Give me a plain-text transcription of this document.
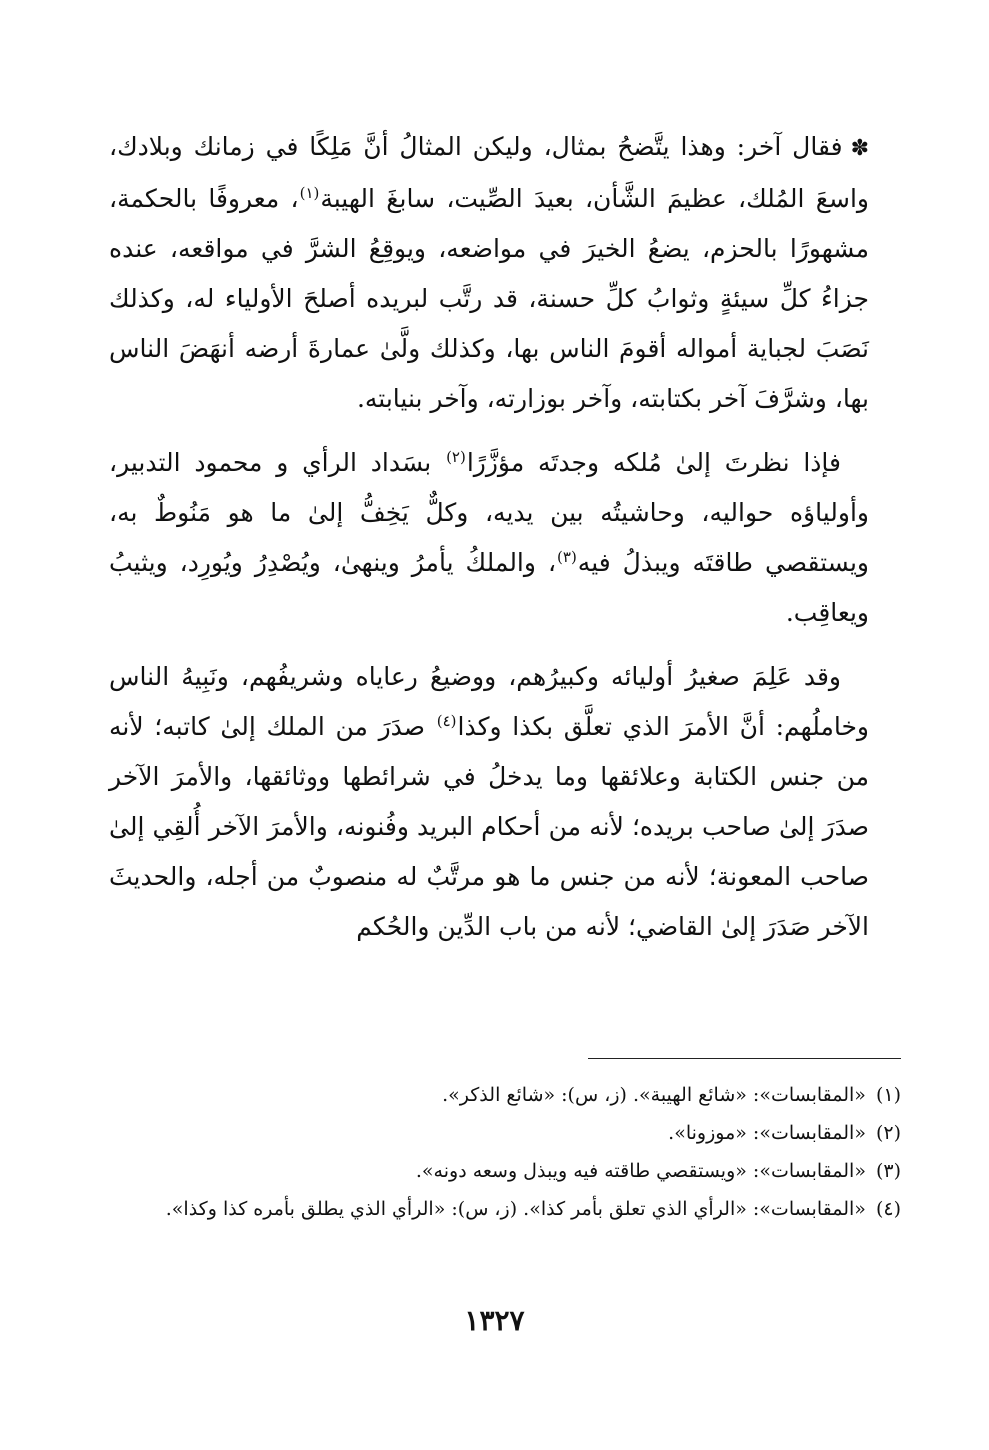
✽فقال آخر: وهذا يتَّضحُ بمثال، وليكن المثالُ أنَّ مَلِكًا في زمانك وبلادك، واسعَ المُلك، عظيمَ الشَّأن، بعيدَ الصِّيت، سابغَ الهيبة$^{(١)}$، معروفًا بالحكمة، مشهورًا بالحزم، يضعُ الخيرَ في مواضعه، ويوقِعُ الشرَّ في مواقعه، عنده جزاءُ كلِّ سيئةٍ وثوابُ كلِّ حسنة، قد رتَّب لبريده أصلحَ الأولياء له، وكذلك نَصَبَ لجباية أمواله أقومَ الناس بها، وكذلك ولَّىٰ عمارةَ أرضه أنهَضَ الناس بها، وشرَّفَ آخر بكتابته، وآخر بوزارته، وآخر بنيابته.

فإذا نظرتَ إلىٰ مُلكه وجدتَه مؤزَّرًا$^{(٢)}$ بسَداد الرأي و محمود التدبير، وأولياؤه حواليه، وحاشيتُه بين يديه، وكلٌّ يَخِفُّ إلىٰ ما هو مَنُوطٌ به، ويستقصي طاقتَه ويبذلُ فيه$^{(٣)}$، والملكُ يأمرُ وينهىٰ، ويُصْدِرُ ويُورِد، ويثيبُ ويعاقِب.

وقد عَلِمَ صغيرُ أوليائه وكبيرُهم، ووضيعُ رعاياه وشريفُهم، ونَبِيهُ الناس وخاملُهم: أنَّ الأمرَ الذي تعلَّق بكذا وكذا$^{(٤)}$ صدَرَ من الملك إلىٰ كاتبه؛ لأنه من جنس الكتابة وعلائقها وما يدخلُ في شرائطها ووثائقها، والأمرَ الآخر صدَرَ إلىٰ صاحب بريده؛ لأنه من أحكام البريد وفُنونه، والأمرَ الآخر أُلقِي إلىٰ صاحب المعونة؛ لأنه من جنس ما هو مرتَّبٌ له منصوبٌ من أجله، والحديثَ الآخر صَدَرَ إلىٰ القاضي؛ لأنه من باب الدِّين والحُكم

(١)«المقابسات»: «شائع الهيبة». (ز، س): «شائع الذكر».

(٢)«المقابسات»: «موزونا».

(٣)«المقابسات»: «ويستقصي طاقته فيه ويبذل وسعه دونه».

(٤)«المقابسات»: «الرأي الذي تعلق بأمر كذا». (ز، س): «الرأي الذي يطلق بأمره كذا وكذا».

١٣٢٧
